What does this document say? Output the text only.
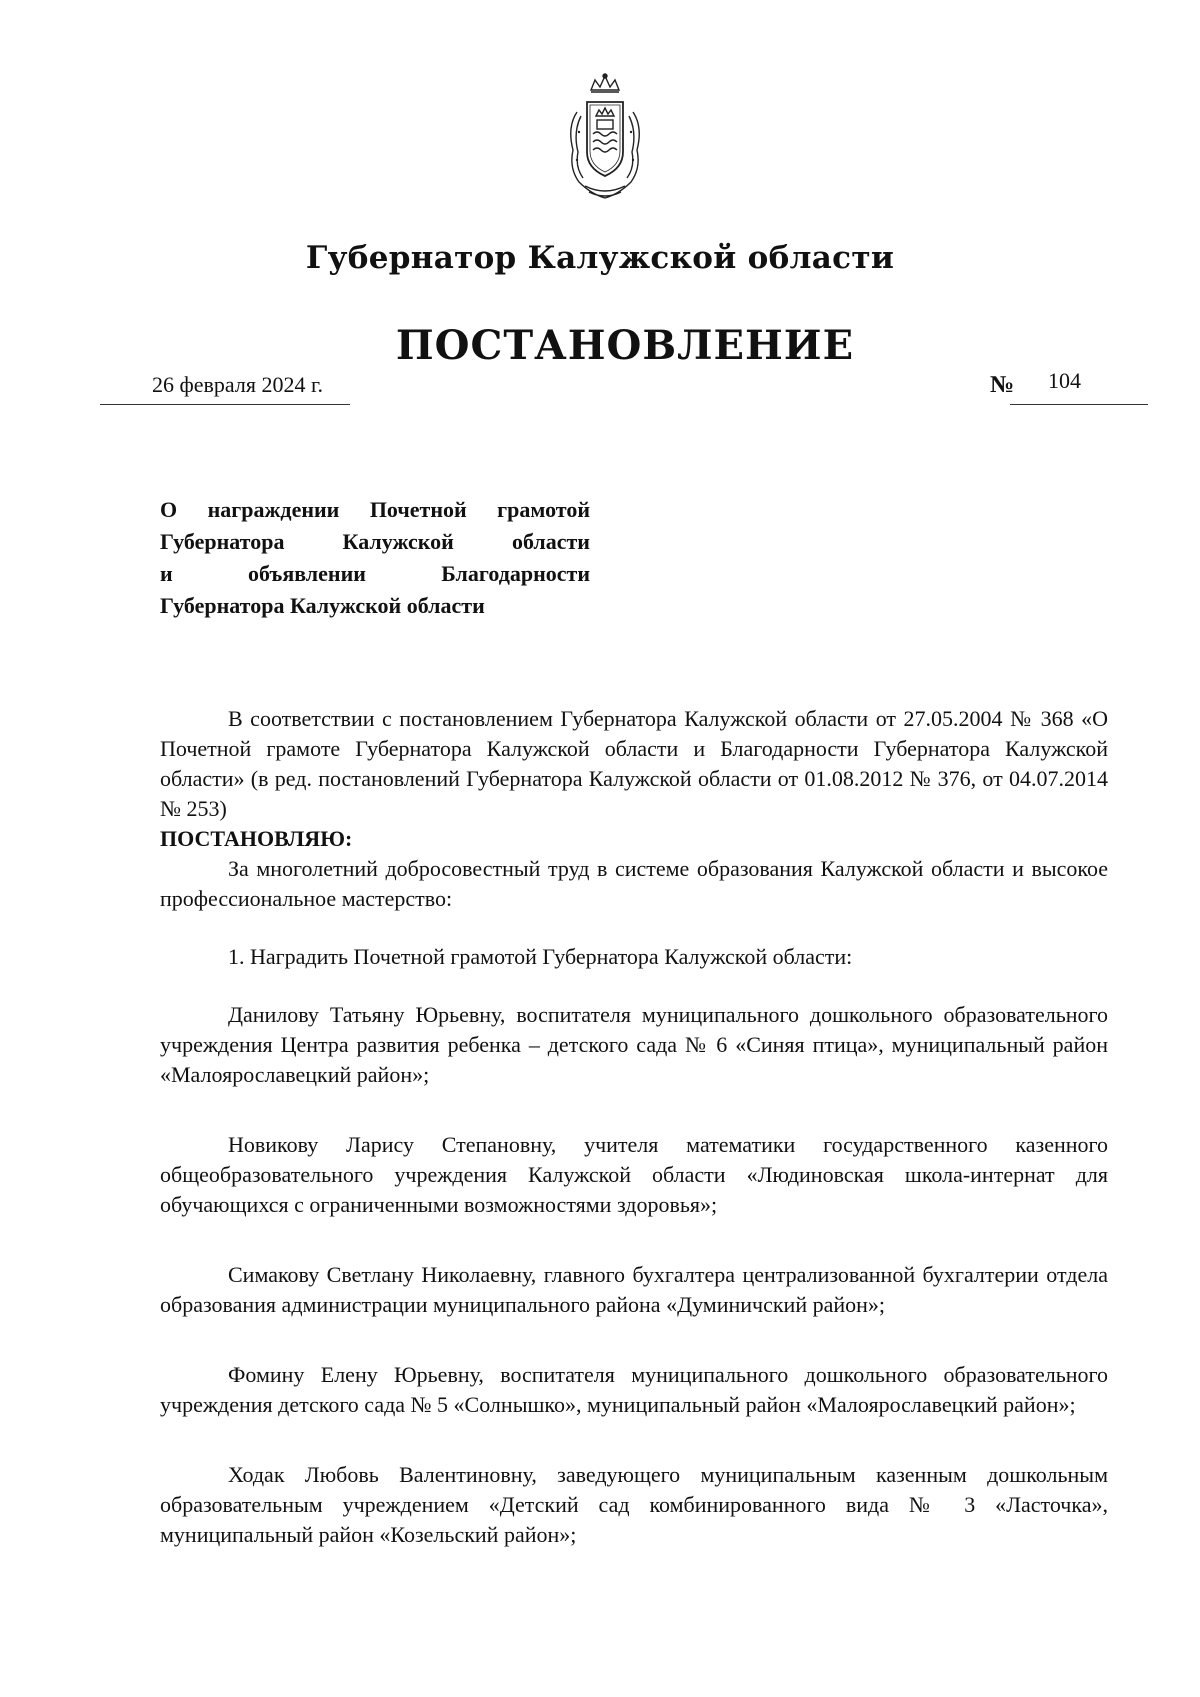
Губернатор Калужской области
ПОСТАНОВЛЕНИЕ
26 февраля 2024 г.	№ 104
О награждении Почетной грамотой
Губернатора Калужской области
и объявлении Благодарности
Губернатора Калужской области

В соответствии с постановлением Губернатора Калужской области от 27.05.2004 № 368 «О Почетной грамоте Губернатора Калужской области и Благодарности Губернатора Калужской области» (в ред. постановлений Губернатора Калужской области от 01.08.2012 № 376, от 04.07.2014 № 253)

ПОСТАНОВЛЯЮ:

За многолетний добросовестный труд в системе образования Калужской области и высокое профессиональное мастерство:

1. Наградить Почетной грамотой Губернатора Калужской области:

Данилову Татьяну Юрьевну, воспитателя муниципального дошкольного образовательного учреждения Центра развития ребенка – детского сада № 6 «Синяя птица», муниципальный район «Малоярославецкий район»;

Новикову Ларису Степановну, учителя математики государственного казенного общеобразовательного учреждения Калужской области «Людиновская школа-интернат для обучающихся с ограниченными возможностями здоровья»;

Симакову Светлану Николаевну, главного бухгалтера централизованной бухгалтерии отдела образования администрации муниципального района «Думиничский район»;

Фомину Елену Юрьевну, воспитателя муниципального дошкольного образовательного учреждения детского сада № 5 «Солнышко», муниципальный район «Малоярославецкий район»;

Ходак Любовь Валентиновну, заведующего муниципальным казенным дошкольным образовательным учреждением «Детский сад комбинированного вида № 3 «Ласточка», муниципальный район «Козельский район»;
